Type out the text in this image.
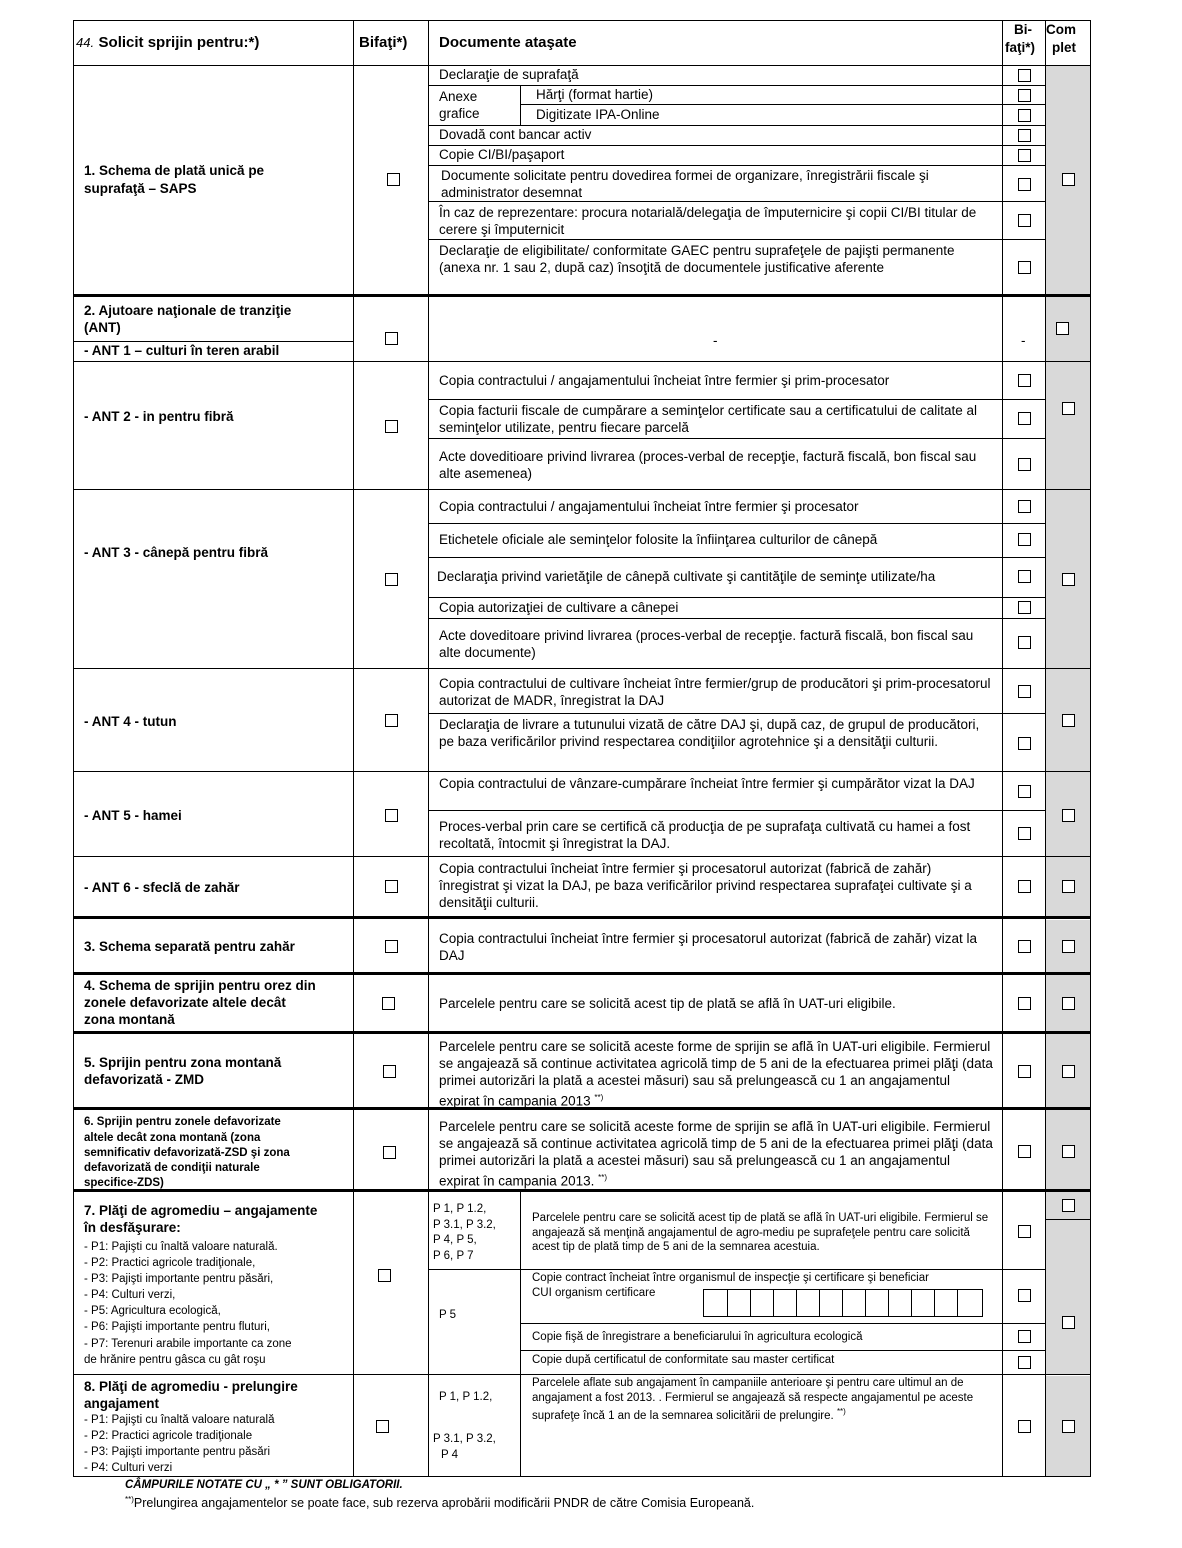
44. Solicit sprijin pentru:*)	Bifaţi*) Documente ataşate
Bi-
faţi*)
Com
plet
1. Schema de plată unică pe
suprafaţă – SAPS
Declaraţie de suprafaţă
Anexe
grafice
Hărţi (format hartie)
Digitizate IPA-Online
Dovadă cont bancar activ
Copie CI/BI/paşaport
Documente solicitate pentru dovedirea formei de organizare, înregistrării fiscale şi administrator desemnat
În caz de reprezentare: procura notarială/delegaţia de împuternicire şi copii CI/BI titular de cerere şi împuternicit
Declaraţie de eligibilitate/ conformitate GAEC pentru suprafeţele de pajişti permanente (anexa nr. 1 sau 2, după caz) însoţită de documentele justificative aferente
2. Ajutoare naţionale de tranziţie
(ANT)
- ANT 1 – culturi în teren arabil
-	-
- ANT 2 - in pentru fibră
Copia contractului / angajamentului încheiat între fermier şi prim-procesator
Copia facturii fiscale de cumpărare a seminţelor certificate sau a certificatului de calitate al seminţelor utilizate, pentru fiecare parcelă
Acte doveditioare privind livrarea (proces-verbal de recepţie, factură fiscală, bon fiscal sau alte asemenea)
- ANT 3 - cânepă pentru fibră
Copia contractului / angajamentului încheiat între fermier şi procesator
Etichetele oficiale ale seminţelor folosite la înfiinţarea culturilor de cânepă
Declaraţia privind varietăţile de cânepă cultivate şi cantităţile de seminţe utilizate/ha
Copia autorizaţiei de cultivare a cânepei
Acte doveditoare privind livrarea (proces-verbal de recepţie. factură fiscală, bon fiscal sau alte documente)
- ANT 4 - tutun
Copia contractului de cultivare încheiat între fermier/grup de producători şi prim-procesatorul autorizat de MADR, înregistrat la DAJ
Declaraţia de livrare a tutunului vizată de către DAJ şi, după caz, de grupul de producători, pe baza verificărilor privind respectarea condiţiilor agrotehnice şi a densităţii culturii.
- ANT 5 - hamei
Copia contractului de vânzare-cumpărare încheiat între fermier şi cumpărător vizat la DAJ
Proces-verbal prin care se certifică că producţia de pe suprafaţa cultivată cu hamei a fost recoltată, întocmit şi înregistrat la DAJ.
- ANT 6 - sfeclă de zahăr
Copia contractului încheiat între fermier şi procesatorul autorizat (fabrică de zahăr) înregistrat şi vizat la DAJ, pe baza verificărilor privind respectarea suprafaţei cultivate şi a densităţii culturii.
3. Schema separată pentru zahăr
Copia contractului încheiat între fermier şi procesatorul autorizat (fabrică de zahăr) vizat la DAJ
4. Schema de sprijin pentru orez din
zonele defavorizate altele decât
zona montană
Parcelele pentru care se solicită acest tip de plată se află în UAT-uri eligibile.
5. Sprijin pentru zona montană
defavorizată - ZMD
Parcelele pentru care se solicită aceste forme de sprijin se află în UAT-uri eligibile. Fermierul se angajează să continue activitatea agricolă timp de 5 ani de la efectuarea primei plăţi (data primei autorizări la plată a acestei măsuri) sau să prelungească cu 1 an angajamentul expirat în campania 2013 **)
6. Sprijin pentru zonele defavorizate
altele decât zona montană (zona
semnificativ defavorizată-ZSD şi zona
defavorizată de condiţii naturale
specifice-ZDS)
Parcelele pentru care se solicită aceste forme de sprijin se află în UAT-uri eligibile. Fermierul se angajează să continue activitatea agricolă timp de 5 ani de la efectuarea primei plăţi (data primei autorizări la plată a acestei măsuri) sau să prelungească cu 1 an angajamentul expirat în campania 2013. **)
7. Plăţi de agromediu – angajamente
în desfăşurare:
- P1: Pajişti cu înaltă valoare naturală.
- P2: Practici agricole tradiţionale,
- P3: Pajişti importante pentru păsări,
- P4: Culturi verzi,
- P5: Agricultura ecologică,
- P6: Pajişti importante pentru fluturi,
- P7: Terenuri arabile importante ca zone
de hrănire pentru gâsca cu gât roşu
P 1, P 1.2,
P 3.1, P 3.2,
P 4, P 5,
P 6, P 7
Parcelele pentru care se solicită acest tip de plată se află în UAT-uri eligibile. Fermierul se angajează să menţină angajamentul de agro-mediu pe suprafeţele pentru care solicită acest tip de plată timp de 5 ani de la semnarea acestuia.
P 5
Copie contract încheiat între organismul de inspecţie şi certificare şi beneficiar
CUI organism certificare
Copie fişă de înregistrare a beneficiarului în agricultura ecologică
Copie după certificatul de conformitate sau master certificat
8. Plăţi de agromediu - prelungire
angajament
- P1: Pajişti cu înaltă valoare naturală
- P2: Practici agricole tradiţionale
- P3: Pajişti importante pentru păsări
- P4: Culturi verzi
P 1, P 1.2,
P 3.1, P 3.2,
P 4
Parcelele aflate sub angajament în campaniile anterioare şi pentru care ultimul an de angajament a fost 2013. . Fermierul se angajează să respecte angajamentul pe aceste suprafeţe încă 1 an de la semnarea solicitării de prelungire. **)
CÂMPURILE NOTATE CU „ * ” SUNT OBLIGATORII.
**)Prelungirea angajamentelor se poate face, sub rezerva aprobării modificării PNDR de către Comisia Europeană.
